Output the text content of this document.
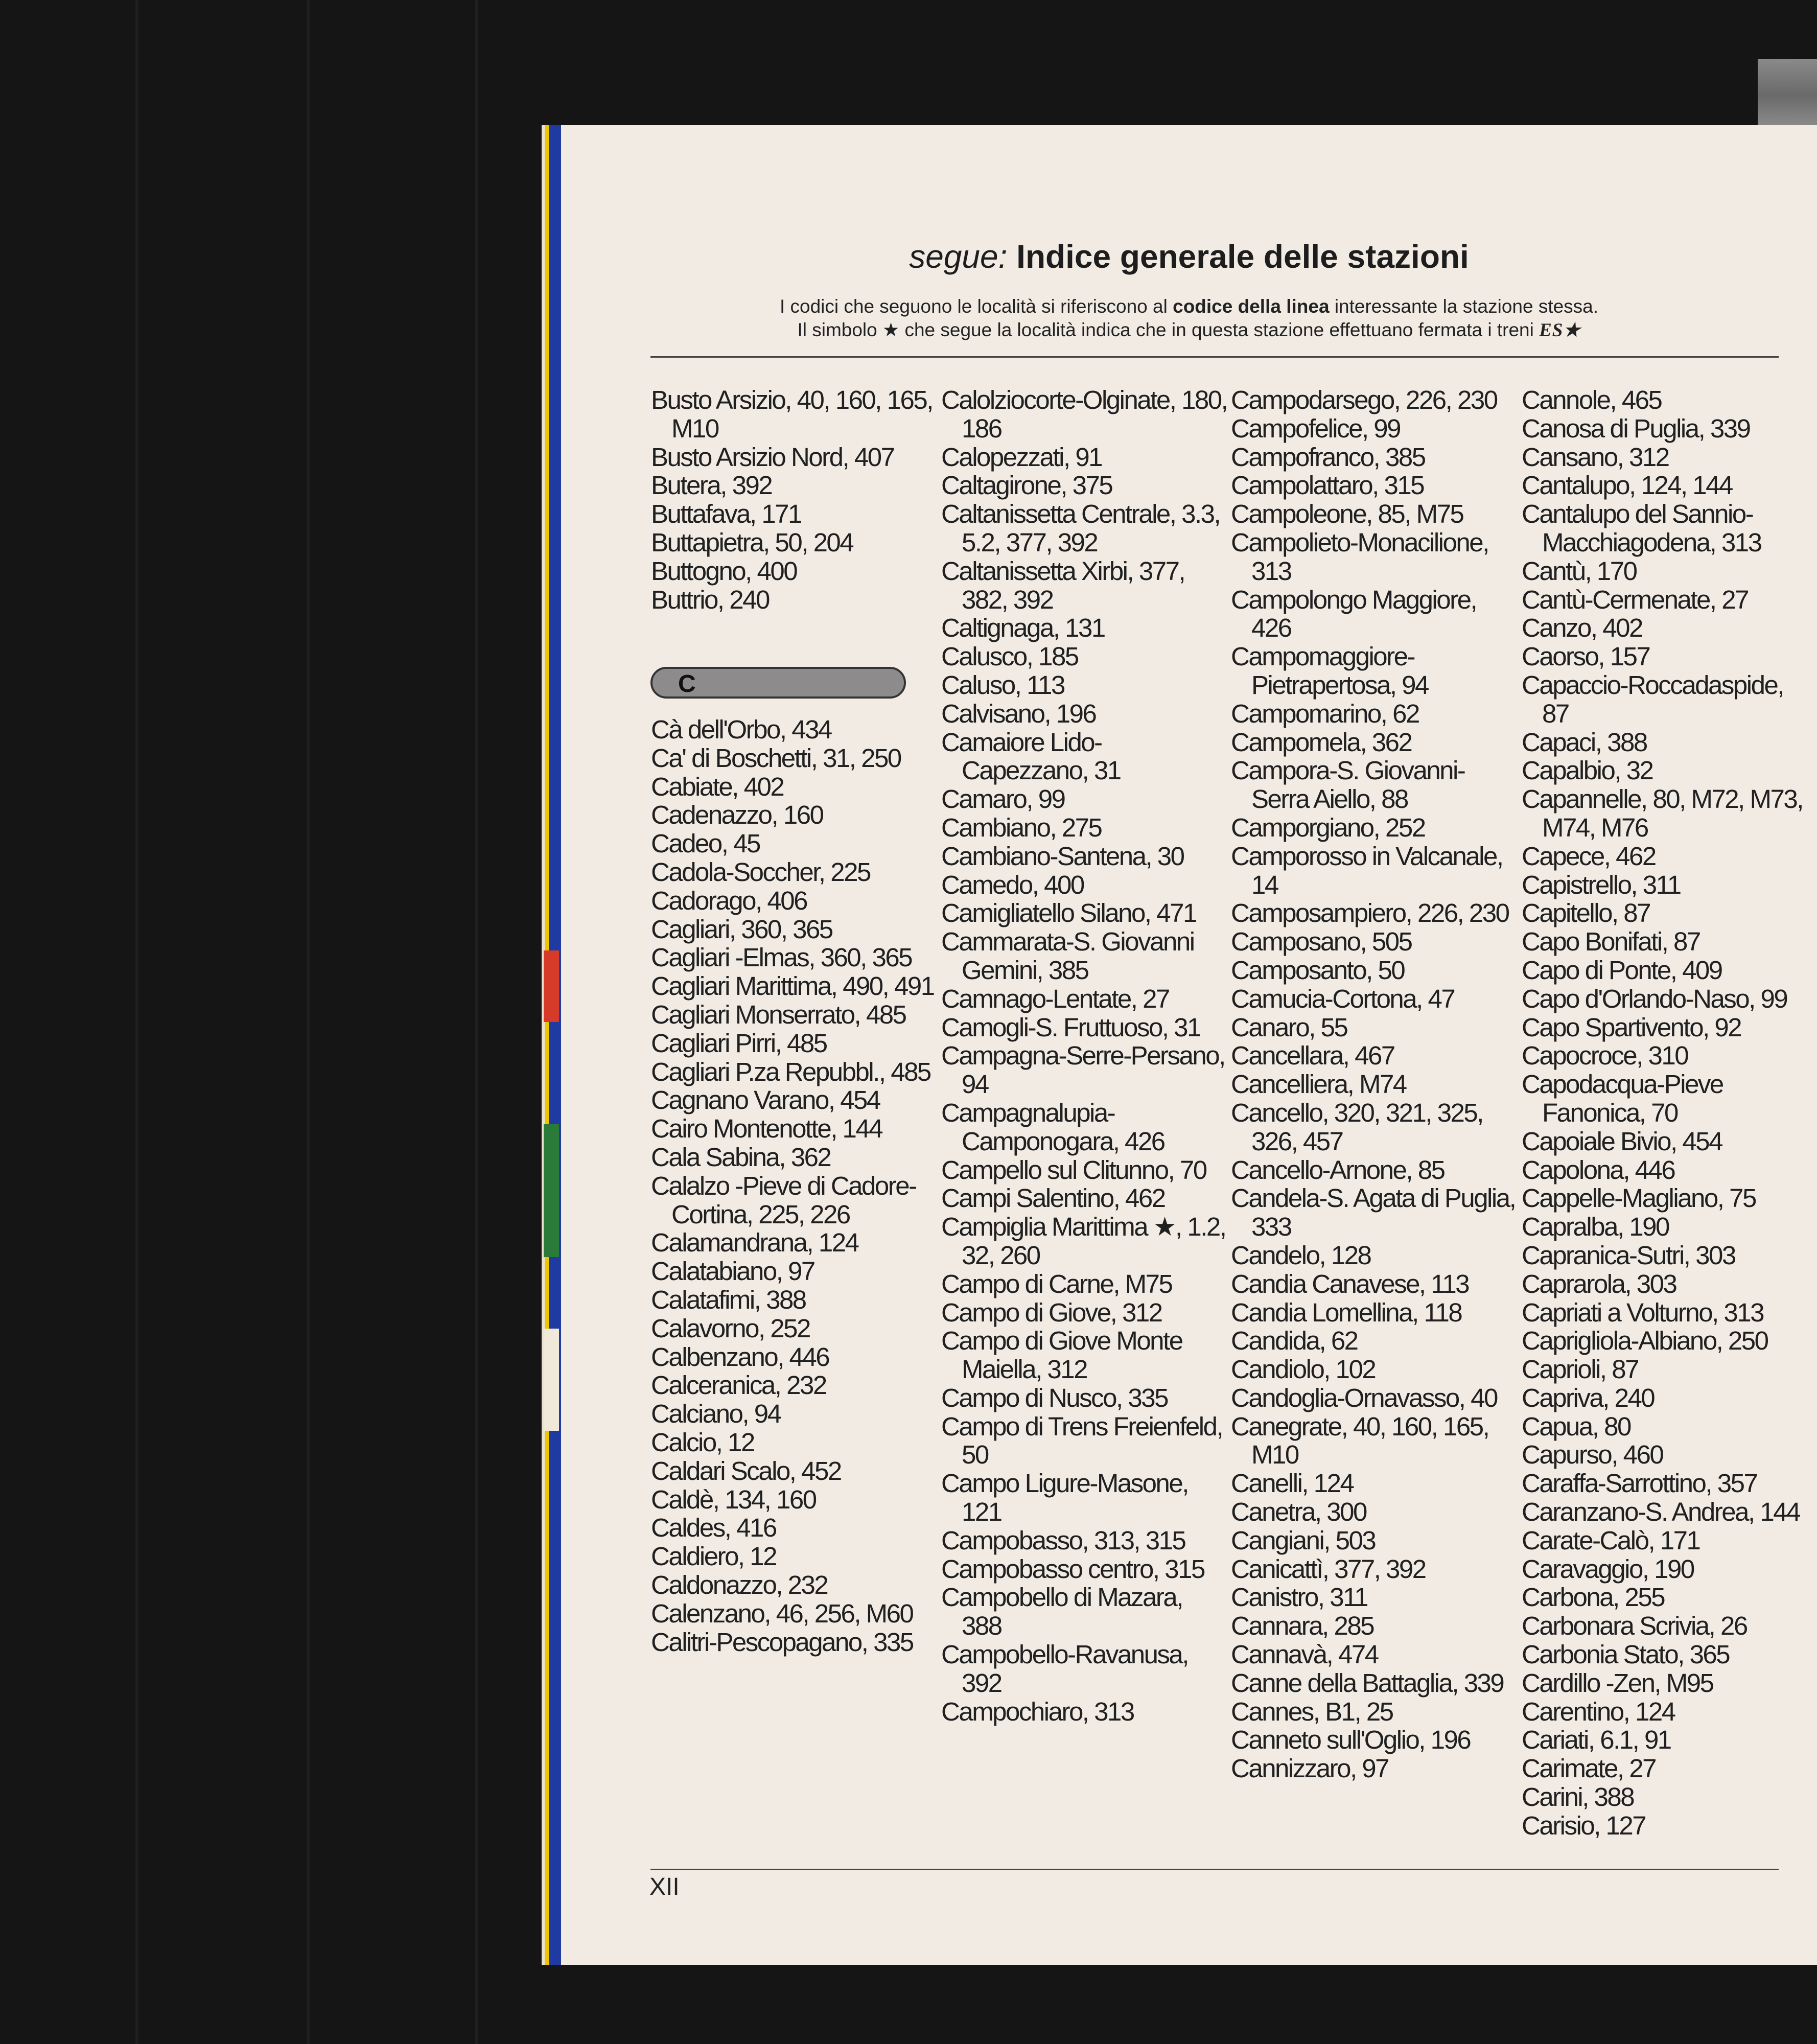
segue: Indice generale delle stazioni
I codici che seguono le località si riferiscono al codice della linea interessante la stazione stessa.
Il simbolo ★ che segue la località indica che in questa stazione effettuano fermata i treni ES★
Busto Arsizio, 40, 160, 165, M10
Busto Arsizio Nord, 407
Butera, 392
Buttafava, 171
Buttapietra, 50, 204
Buttogno, 400
Buttrio, 240
Cà dell'Orbo, 434
Ca' di Boschetti, 31, 250
Cabiate, 402
Cadenazzo, 160
Cadeo, 45
Cadola-Soccher, 225
Cadorago, 406
Cagliari, 360, 365
Cagliari -Elmas, 360, 365
Cagliari Marittima, 490, 491
Cagliari Monserrato, 485
Cagliari Pirri, 485
Cagliari P.za Repubbl., 485
Cagnano Varano, 454
Cairo Montenotte, 144
Cala Sabina, 362
Calalzo -Pieve di Cadore-Cortina, 225, 226
Calamandrana, 124
Calatabiano, 97
Calatafimi, 388
Calavorno, 252
Calbenzano, 446
Calceranica, 232
Calciano, 94
Calcio, 12
Caldari Scalo, 452
Caldè, 134, 160
Caldes, 416
Caldiero, 12
Caldonazzo, 232
Calenzano, 46, 256, M60
Calitri-Pescopagano, 335
C
Calolziocorte-Olginate, 180, 186
Calopezzati, 91
Caltagirone, 375
Caltanissetta Centrale, 3.3, 5.2, 377, 392
Caltanissetta Xirbi, 377, 382, 392
Caltignaga, 131
Calusco, 185
Caluso, 113
Calvisano, 196
Camaiore Lido-Capezzano, 31
Camaro, 99
Cambiano, 275
Cambiano-Santena, 30
Camedo, 400
Camigliatello Silano, 471
Cammarata-S. Giovanni Gemini, 385
Camnago-Lentate, 27
Camogli-S. Fruttuoso, 31
Campagna-Serre-Persano, 94
Campagnalupia-Camponogara, 426
Campello sul Clitunno, 70
Campi Salentino, 462
Campiglia Marittima ★, 1.2, 32, 260
Campo di Carne, M75
Campo di Giove, 312
Campo di Giove Monte Maiella, 312
Campo di Nusco, 335
Campo di Trens Freienfeld, 50
Campo Ligure-Masone, 121
Campobasso, 313, 315
Campobasso centro, 315
Campobello di Mazara, 388
Campobello-Ravanusa, 392
Campochiaro, 313
Campodarsego, 226, 230
Campofelice, 99
Campofranco, 385
Campolattaro, 315
Campoleone, 85, M75
Campolieto-Monacilione, 313
Campolongo Maggiore, 426
Campomaggiore-Pietrapertosa, 94
Campomarino, 62
Campomela, 362
Campora-S. Giovanni-Serra Aiello, 88
Camporgiano, 252
Camporosso in Valcanale, 14
Camposampiero, 226, 230
Camposano, 505
Camposanto, 50
Camucia-Cortona, 47
Canaro, 55
Cancellara, 467
Cancelliera, M74
Cancello, 320, 321, 325, 326, 457
Cancello-Arnone, 85
Candela-S. Agata di Puglia, 333
Candelo, 128
Candia Canavese, 113
Candia Lomellina, 118
Candida, 62
Candiolo, 102
Candoglia-Ornavasso, 40
Canegrate, 40, 160, 165, M10
Canelli, 124
Canetra, 300
Cangiani, 503
Canicattì, 377, 392
Canistro, 311
Cannara, 285
Cannavà, 474
Canne della Battaglia, 339
Cannes, B1, 25
Canneto sull'Oglio, 196
Cannizzaro, 97
Cannole, 465
Canosa di Puglia, 339
Cansano, 312
Cantalupo, 124, 144
Cantalupo del Sannio-Macchiagodena, 313
Cantù, 170
Cantù-Cermenate, 27
Canzo, 402
Caorso, 157
Capaccio-Roccadaspide, 87
Capaci, 388
Capalbio, 32
Capannelle, 80, M72, M73, M74, M76
Capece, 462
Capistrello, 311
Capitello, 87
Capo Bonifati, 87
Capo di Ponte, 409
Capo d'Orlando-Naso, 99
Capo Spartivento, 92
Capocroce, 310
Capodacqua-Pieve Fanonica, 70
Capoiale Bivio, 454
Capolona, 446
Cappelle-Magliano, 75
Capralba, 190
Capranica-Sutri, 303
Caprarola, 303
Capriati a Volturno, 313
Caprigliola-Albiano, 250
Caprioli, 87
Capriva, 240
Capua, 80
Capurso, 460
Caraffa-Sarrottino, 357
Caranzano-S. Andrea, 144
Carate-Calò, 171
Caravaggio, 190
Carbona, 255
Carbonara Scrivia, 26
Carbonia Stato, 365
Cardillo -Zen, M95
Carentino, 124
Cariati, 6.1, 91
Carimate, 27
Carini, 388
Carisio, 127
XII
